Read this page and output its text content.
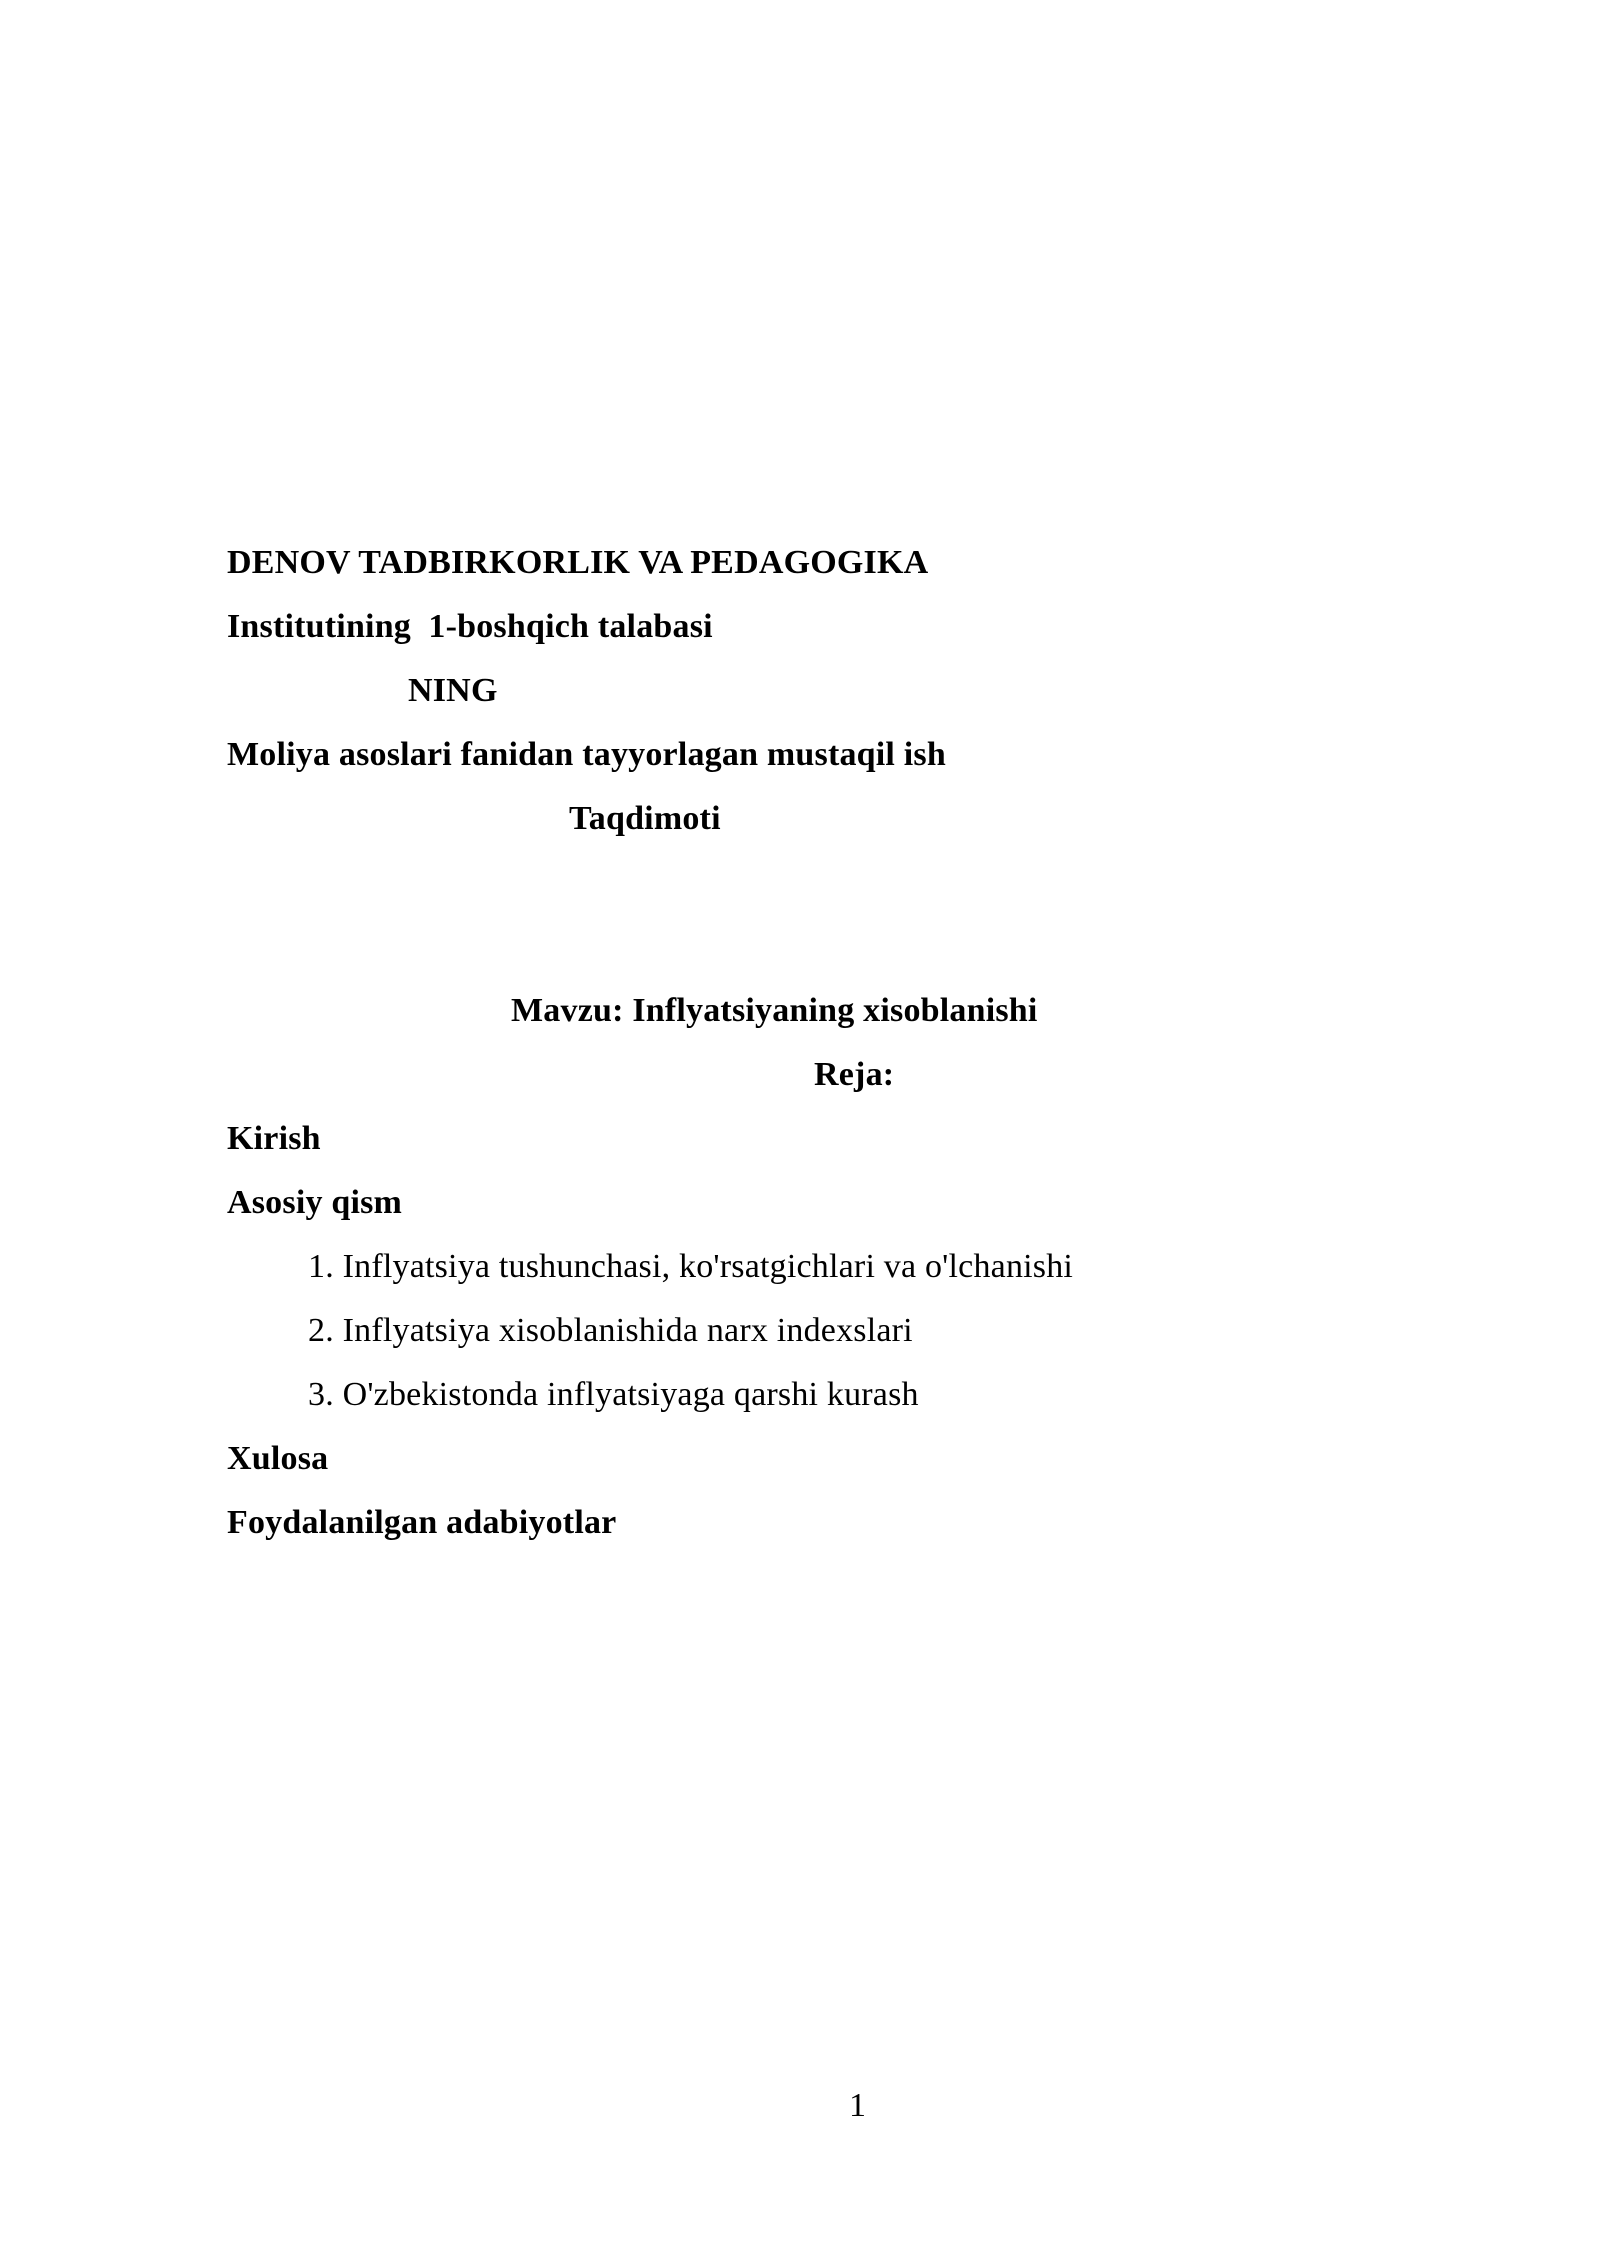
DENOV TADBIRKORLIK VA PEDAGOGIKA
Institutining  1-boshqich talabasi
NING
Moliya asoslari fanidan tayyorlagan mustaqil ish
Taqdimoti
Mavzu: Inflyatsiyaning xisoblanishi
Reja:
Kirish
Asosiy qism
1. Inflyatsiya tushunchasi, ko'rsatgichlari va o'lchanishi
2. Inflyatsiya xisoblanishida narx indexslari
3. O'zbekistonda inflyatsiyaga qarshi kurash
Xulosa
Foydalanilgan adabiyotlar
1
